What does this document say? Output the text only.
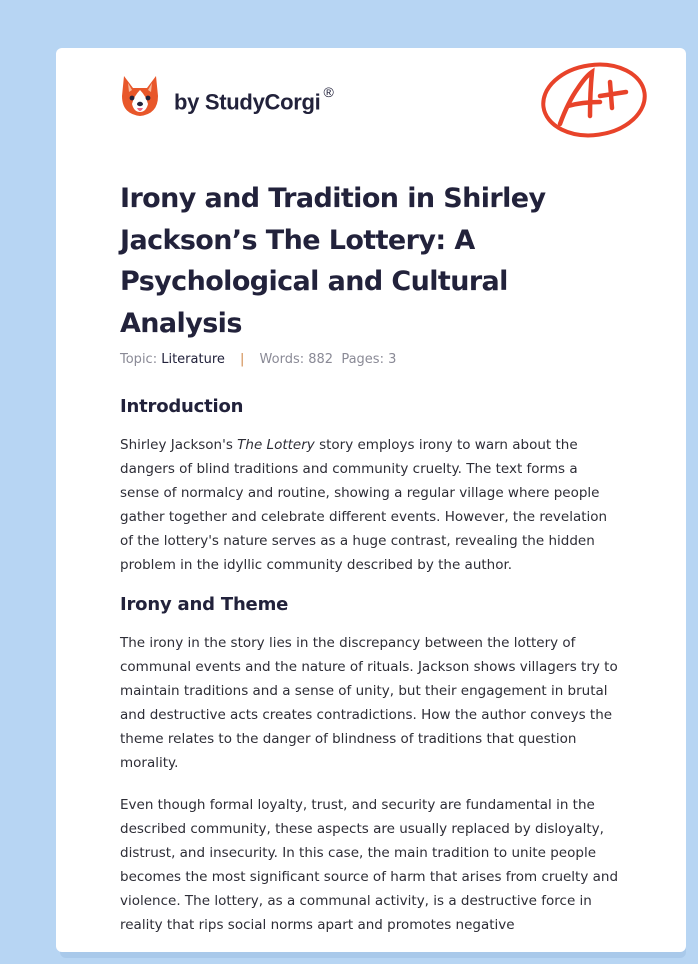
by StudyCorgi ®
Irony and Tradition in Shirley Jackson’s The Lottery: A Psychological and Cultural Analysis
Topic: Literature | Words: 882 Pages: 3
Introduction

Shirley Jackson's The Lottery story employs irony to warn about the dangers of blind traditions and community cruelty. The text forms a sense of normalcy and routine, showing a regular village where people gather together and celebrate different events. However, the revelation of the lottery's nature serves as a huge contrast, revealing the hidden problem in the idyllic community described by the author.

Irony and Theme

The irony in the story lies in the discrepancy between the lottery of communal events and the nature of rituals. Jackson shows villagers try to maintain traditions and a sense of unity, but their engagement in brutal and destructive acts creates contradictions. How the author conveys the theme relates to the danger of blindness of traditions that question morality.

Even though formal loyalty, trust, and security are fundamental in the described community, these aspects are usually replaced by disloyalty, distrust, and insecurity. In this case, the main tradition to unite people becomes the most significant source of harm that arises from cruelty and violence. The lottery, as a communal activity, is a destructive force in reality that rips social norms apart and promotes negative
